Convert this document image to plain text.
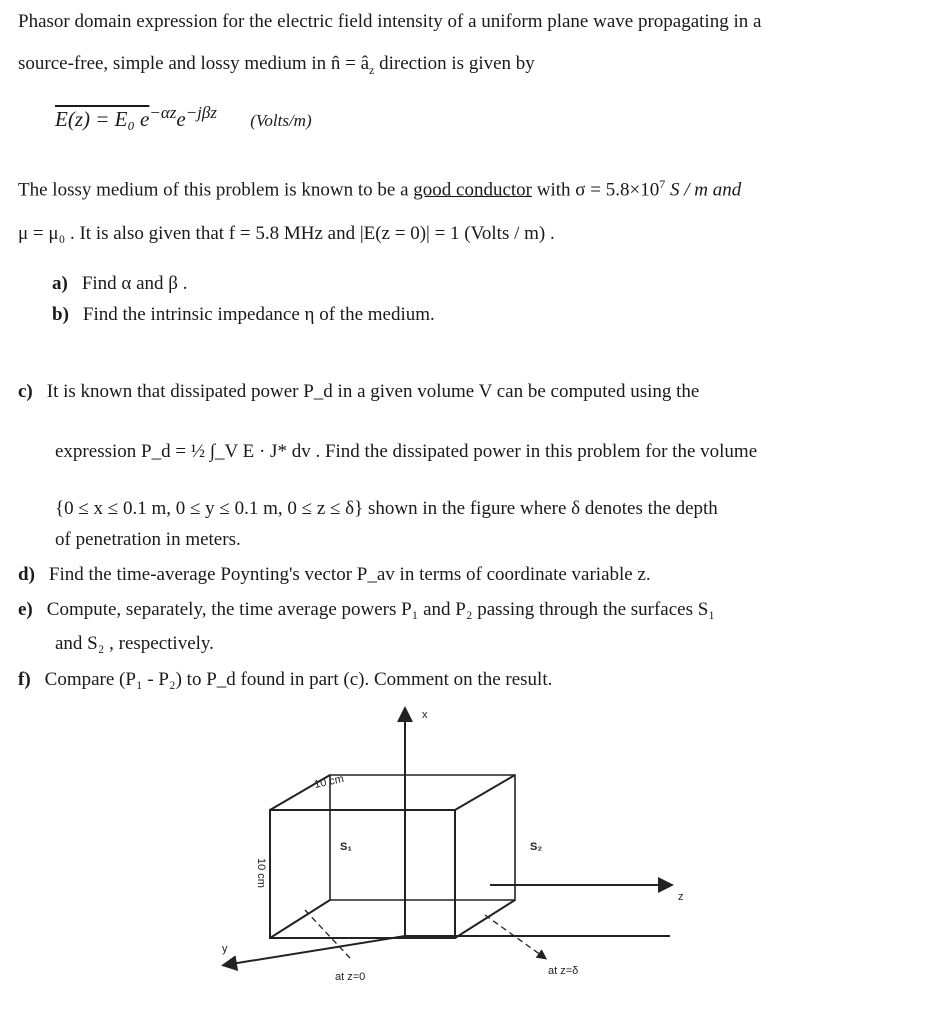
Phasor domain expression for the electric field intensity of a uniform plane wave propagating in a
source-free, simple and lossy medium in n̂ = $â_z$ direction is given by
E(z) = E₀ $e^{-\alpha z}e^{-j\beta z}$ (Volts/m)
The lossy medium of this problem is known to be a good conductor with $\sigma = 5.8\times 10^7$ S / m and
μ = μ₀ . It is also given that f = 5.8 MHz and |E(z = 0)| = 1 (Volts / m) .
a) Find α and β .
b) Find the intrinsic impedance η of the medium.
c) It is known that dissipated power P_d in a given volume V can be computed using the
expression P_d = ½ ∫_V E · J* dv . Find the dissipated power in this problem for the volume
{0 ≤ x ≤ 0.1 m, 0 ≤ y ≤ 0.1 m, 0 ≤ z ≤ δ} shown in the figure where δ denotes the depth
of penetration in meters.
d) Find the time-average Poynting's vector P_av in terms of coordinate variable z.
e) Compute, separately, the time average powers P₁ and P₂ passing through the surfaces S₁
and S₂ , respectively.
f) Compare (P₁ - P₂) to P_d found in part (c). Comment on the result.
x
z
y
10 cm
10 cm
S₁	S₂
at z=0	at z=δ
